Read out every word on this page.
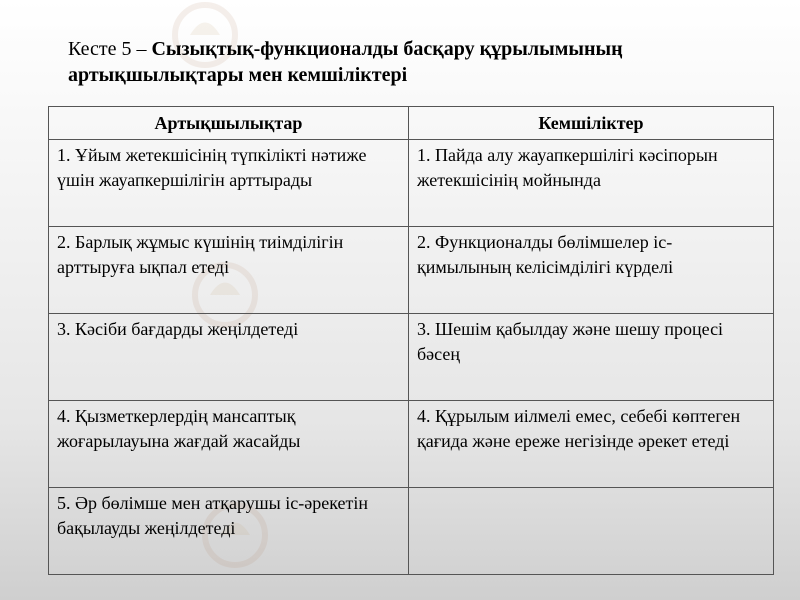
Кесте 5 – Сызықтық-функционалды басқару құрылымының артықшылықтары мен кемшіліктері
Артықшылықтар	Кемшіліктер
1. Ұйым жетекшісінің түпкілікті нәтиже үшін жауапкершілігін арттырады	1. Пайда алу жауапкершілігі кәсіпорын жетекшісінің мойнында
2. Барлық жұмыс күшінің тиімділігін арттыруға ықпал етеді	2. Функционалды бөлімшелер іс-қимылының келісімділігі күрделі
3. Кәсіби бағдарды жеңілдетеді	3. Шешім қабылдау және шешу процесі бәсең
4. Қызметкерлердің мансаптық жоғарылауына жағдай жасайды	4. Құрылым иілмелі емес, себебі көптеген қағида және ереже негізінде әрекет етеді
5. Әр бөлімше мен атқарушы іс-әрекетін бақылауды жеңілдетеді	
